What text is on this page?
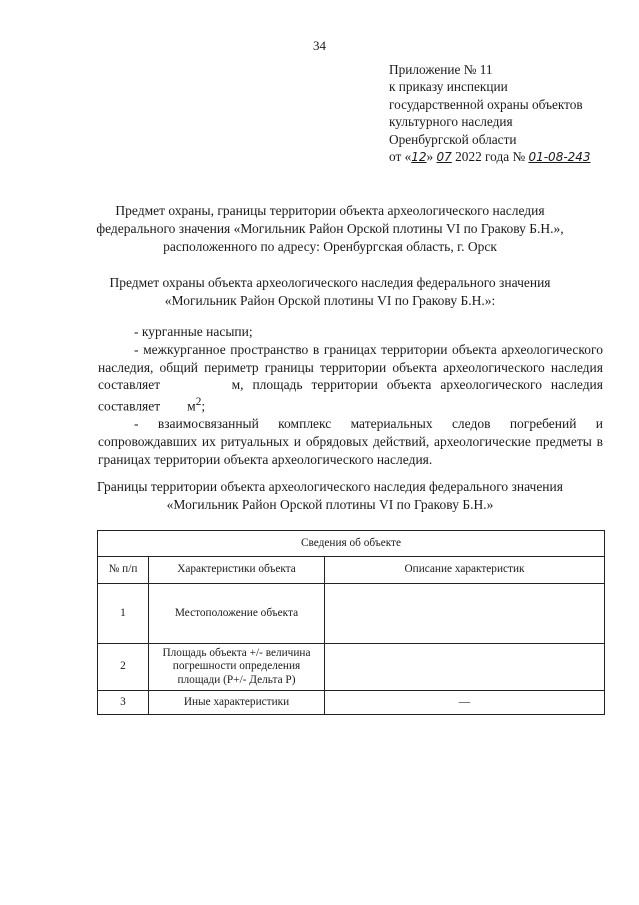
34
Приложение № 11
к приказу инспекции
государственной охраны объектов
культурного наследия
Оренбургской области
от «12» 07 2022 года № 01-08-243
Предмет охраны, границы территории объекта археологического наследия федерального значения «Могильник Район Орской плотины VI по Гракову Б.Н.», расположенного по адресу: Оренбургская область, г. Орск
Предмет охраны объекта археологического наследия федерального значения «Могильник Район Орской плотины VI по Гракову Б.Н.»:

- курганные насыпи;

- межкурганное пространство в границах территории объекта археологического наследия, общий периметр границы территории объекта археологического наследия составляет	м, площадь территории объекта археологического наследия составляет $м^2$;

- взаимосвязанный комплекс материальных следов погребений и сопровождавших их ритуальных и обрядовых действий, археологические предметы в границах территории объекта археологического наследия.

Границы территории объекта археологического наследия федерального значения «Могильник Район Орской плотины VI по Гракову Б.Н.»
Сведения об объекте		
№ п/п	Характеристики объекта	Описание характеристик
1	Местоположение объекта	
2	Площадь объекта +/- величина погрешности определения площади (Р+/- Дельта Р)	
3	Иные характеристики	—
